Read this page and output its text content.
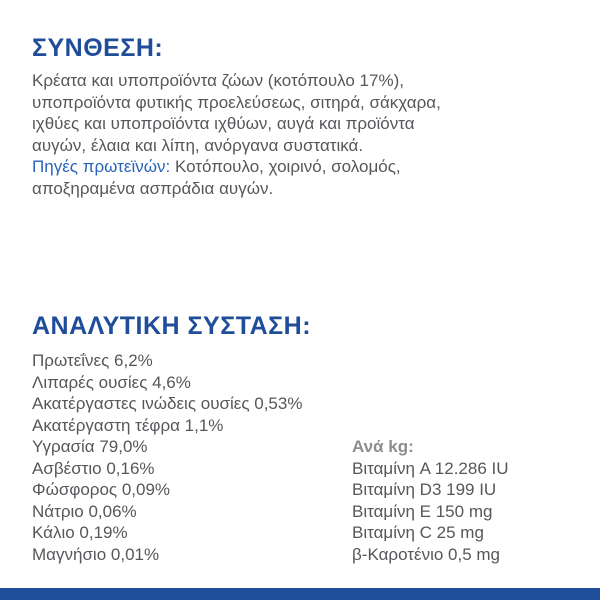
ΣΥΝΘΕΣΗ:
Κρέατα και υποπροϊόντα ζώων (κοτόπουλο 17%),
υποπροϊόντα φυτικής προελεύσεως, σιτηρά, σάκχαρα,
ιχθύες και υποπροϊόντα ιχθύων, αυγά και προϊόντα
αυγών, έλαια και λίπη, ανόργανα συστατικά.
Πηγές πρωτεϊνών: Κοτόπουλο, χοιρινό, σολομός,
αποξηραμένα ασπράδια αυγών.
ΑΝΑΛΥΤΙΚΗ ΣΥΣΤΑΣΗ:
Πρωτεΐνες 6,2%
Λιπαρές ουσίες 4,6%
Ακατέργαστες ινώδεις ουσίες 0,53%
Ακατέργαστη τέφρα 1,1%
Υγρασία 79,0%
Ασβέστιο 0,16%
Φώσφορος 0,09%
Νάτριο 0,06%
Κάλιο 0,19%
Μαγνήσιο 0,01%
Ανά kg:
Βιταμίνη A 12.286 IU
Βιταμίνη D3 199 IU
Βιταμίνη E 150 mg
Βιταμίνη C 25 mg
β-Καροτένιο 0,5 mg
